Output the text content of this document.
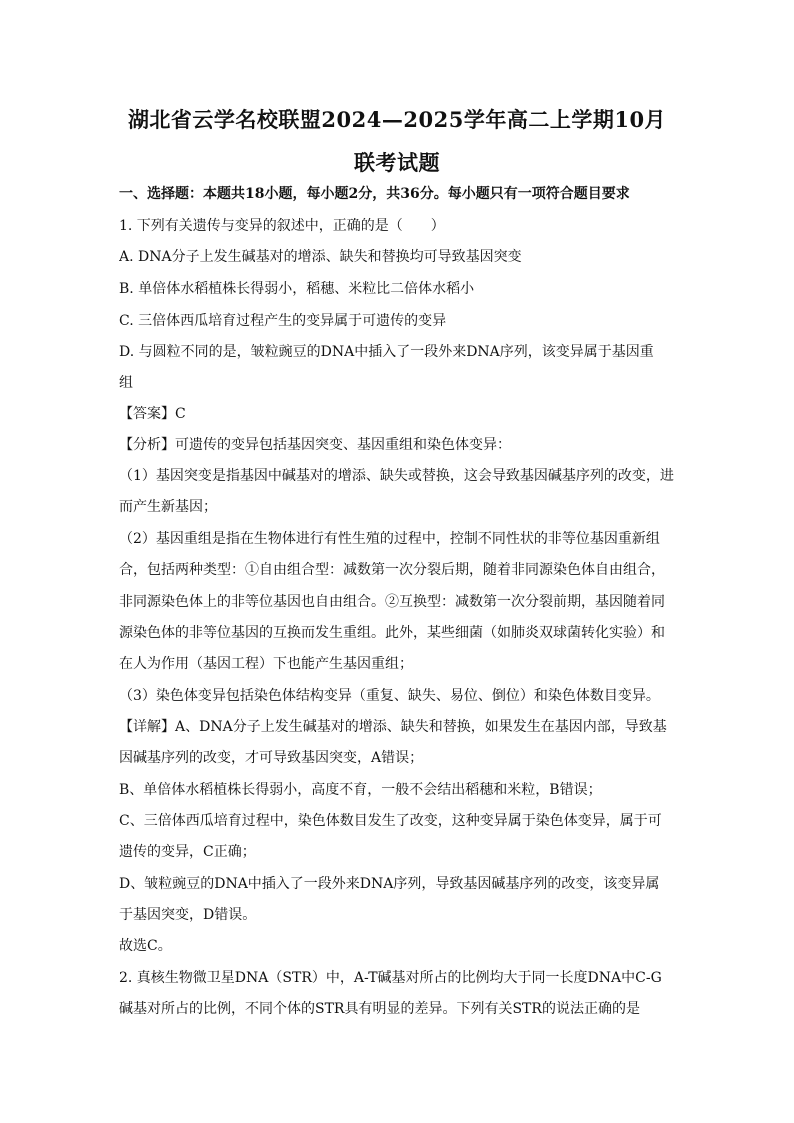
湖北省云学名校联盟2024—2025学年高二上学期10月
联考试题
一、选择题：本题共18小题，每小题2分，共36分。每小题只有一项符合题目要求
1. 下列有关遗传与变异的叙述中，正确的是（　　）
A. DNA分子上发生碱基对的增添、缺失和替换均可导致基因突变
B. 单倍体水稻植株长得弱小，稻穗、米粒比二倍体水稻小
C. 三倍体西瓜培育过程产生的变异属于可遗传的变异
D. 与圆粒不同的是，皱粒豌豆的DNA中插入了一段外来DNA序列，该变异属于基因重
组
【答案】C
【分析】可遗传的变异包括基因突变、基因重组和染色体变异：
（1）基因突变是指基因中碱基对的增添、缺失或替换，这会导致基因碱基序列的改变，进
而产生新基因；
（2）基因重组是指在生物体进行有性生殖的过程中，控制不同性状的非等位基因重新组
合，包括两种类型：①自由组合型：减数第一次分裂后期，随着非同源染色体自由组合，
非同源染色体上的非等位基因也自由组合。②互换型：减数第一次分裂前期，基因随着同
源染色体的非等位基因的互换而发生重组。此外，某些细菌（如肺炎双球菌转化实验）和
在人为作用（基因工程）下也能产生基因重组；
（3）染色体变异包括染色体结构变异（重复、缺失、易位、倒位）和染色体数目变异。
【详解】A、DNA分子上发生碱基对的增添、缺失和替换，如果发生在基因内部，导致基
因碱基序列的改变，才可导致基因突变，A错误；
B、单倍体水稻植株长得弱小，高度不育，一般不会结出稻穗和米粒，B错误；
C、三倍体西瓜培育过程中，染色体数目发生了改变，这种变异属于染色体变异，属于可
遗传的变异，C正确；
D、皱粒豌豆的DNA中插入了一段外来DNA序列，导致基因碱基序列的改变，该变异属
于基因突变，D错误。
故选C。
2. 真核生物微卫星DNA（STR）中，A-T碱基对所占的比例均大于同一长度DNA中C-G
碱基对所占的比例，不同个体的STR具有明显的差异。下列有关STR的说法正确的是
